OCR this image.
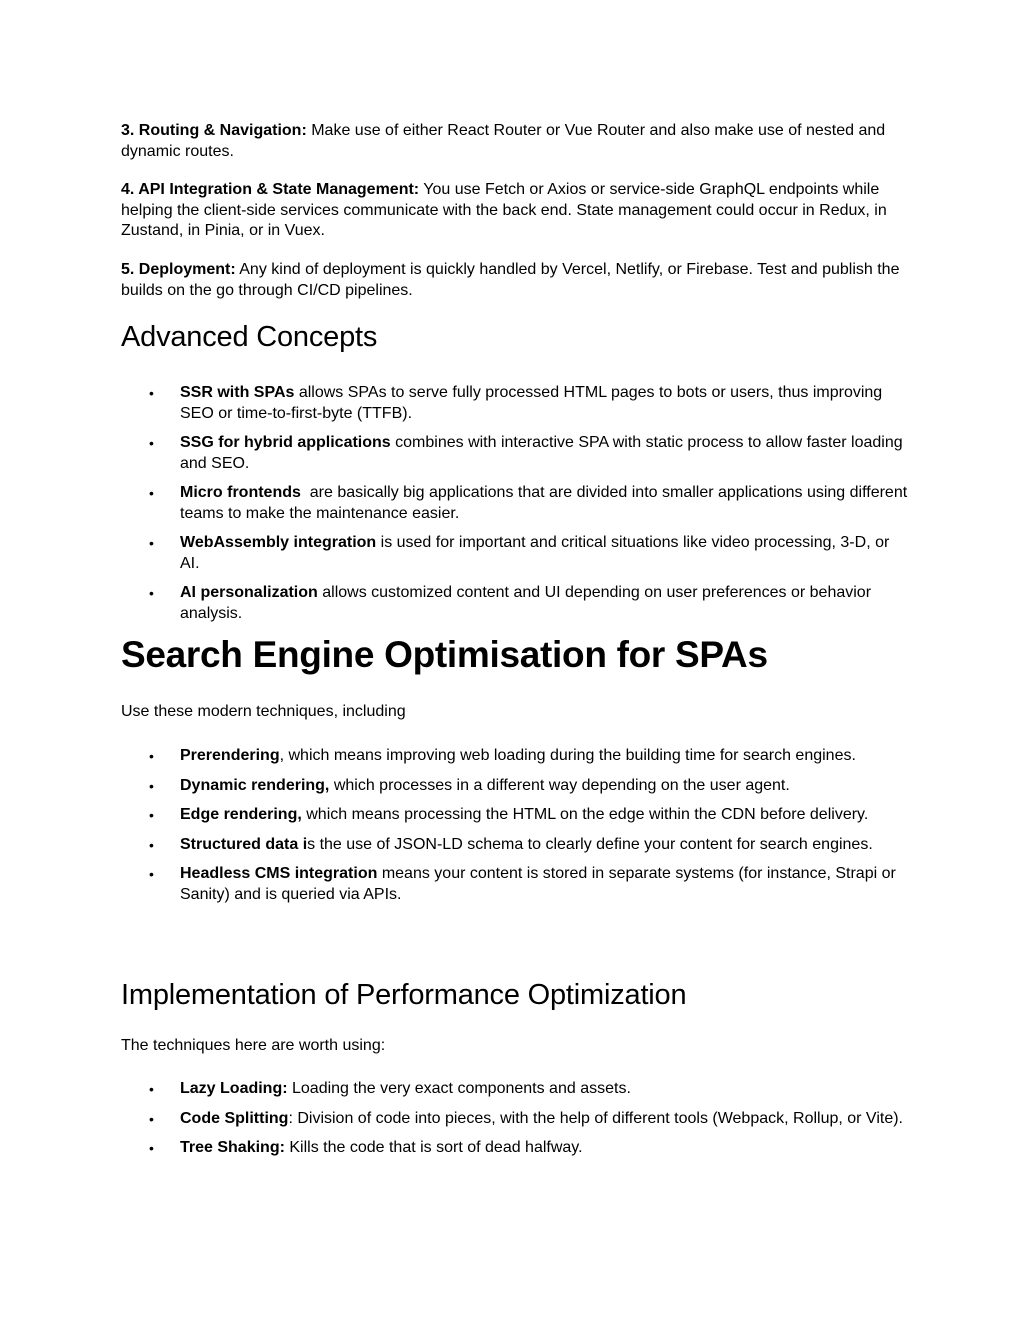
3. Routing & Navigation: Make use of either React Router or Vue Router and also make use of nested and dynamic routes.

4. API Integration & State Management: You use Fetch or Axios or service-side GraphQL endpoints while helping the client-side services communicate with the back end. State management could occur in Redux, in Zustand, in Pinia, or in Vuex.

5. Deployment: Any kind of deployment is quickly handled by Vercel, Netlify, or Firebase. Test and publish the builds on the go through CI/CD pipelines.

Advanced Concepts
• SSR with SPAs allows SPAs to serve fully processed HTML pages to bots or users, thus improving SEO or time-to-first-byte (TTFB).
• SSG for hybrid applications combines with interactive SPA with static process to allow faster loading and SEO.
• Micro frontends  are basically big applications that are divided into smaller applications using different teams to make the maintenance easier.
• WebAssembly integration is used for important and critical situations like video processing, 3-D, or AI.
• AI personalization allows customized content and UI depending on user preferences or behavior analysis.
Search Engine Optimisation for SPAs

Use these modern techniques, including

• Prerendering, which means improving web loading during the building time for search engines.
• Dynamic rendering, which processes in a different way depending on the user agent.
• Edge rendering, which means processing the HTML on the edge within the CDN before delivery.
• Structured data is the use of JSON-LD schema to clearly define your content for search engines.
• Headless CMS integration means your content is stored in separate systems (for instance, Strapi or Sanity) and is queried via APIs.
Implementation of Performance Optimization

The techniques here are worth using:

• Lazy Loading: Loading the very exact components and assets.
• Code Splitting: Division of code into pieces, with the help of different tools (Webpack, Rollup, or Vite).
• Tree Shaking: Kills the code that is sort of dead halfway.
